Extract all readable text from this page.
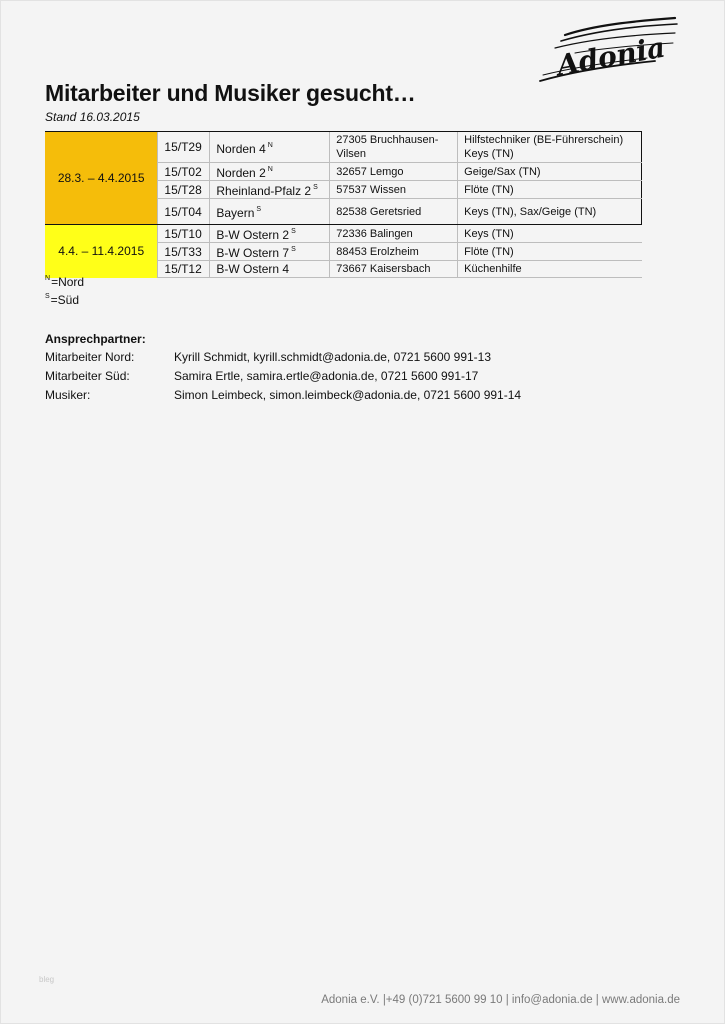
Adonia
Mitarbeiter und Musiker gesucht…
Stand 16.03.2015
28.3. – 4.4.2015	15/T29	Norden 4 $^N$	27305 Bruchhausen-Vilsen	Hilfstechniker (BE-Führerschein) Keys (TN)
	15/T02	Norden 2 $^N$	32657 Lemgo	Geige/Sax (TN)
	15/T28	Rheinland-Pfalz 2 $^S$	57537 Wissen	Flöte (TN)
	15/T04	Bayern $^S$	82538 Geretsried	Keys (TN), Sax/Geige (TN)
4.4. – 11.4.2015	15/T10	B-W Ostern 2 $^S$	72336 Balingen	Keys (TN)
	15/T33	B-W Ostern 7 $^S$	88453 Erolzheim	Flöte (TN)
	15/T12	B-W Ostern 4	73667 Kaisersbach	Küchenhilfe
$^N$=Nord
$^S$=Süd
Ansprechpartner:
Mitarbeiter Nord:	Kyrill Schmidt, kyrill.schmidt@adonia.de, 0721 5600 991-13
Mitarbeiter Süd:	Samira Ertle, samira.ertle@adonia.de, 0721 5600 991-17
Musiker:	Simon Leimbeck, simon.leimbeck@adonia.de, 0721 5600 991-14
bleg
Adonia e.V. |+49 (0)721 5600 99 10 | info@adonia.de | www.adonia.de
